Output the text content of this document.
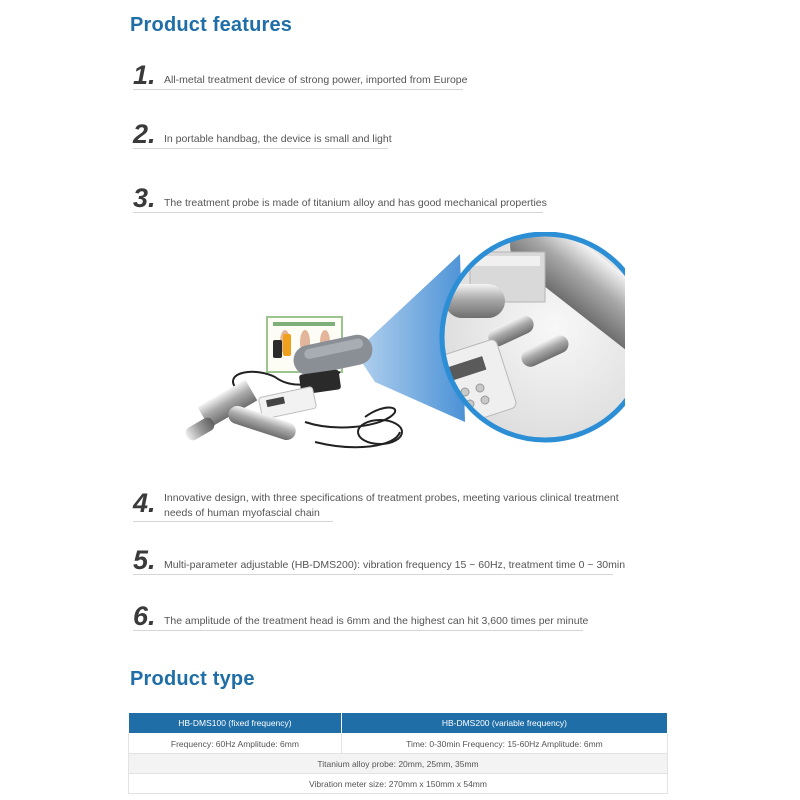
Product features
1. All-metal treatment device of strong power, imported from Europe
2. In portable handbag, the device is small and light
3. The treatment probe is made of titanium alloy and has good mechanical properties
4. Innovative design, with three specifications of treatment probes, meeting various clinical treatment needs of human myofascial chain
5. Multi-parameter adjustable (HB-DMS200): vibration frequency 15 ~ 60Hz, treatment time 0 ~ 30min
6. The amplitude of the treatment head is 6mm and the highest can hit 3,600 times per minute
Product type
HB-DMS100 (fixed frequency)	HB-DMS200 (variable frequency)
Frequency: 60Hz Amplitude: 6mm	Time: 0-30min Frequency: 15-60Hz Amplitude: 6mm
Titanium alloy probe: 20mm, 25mm, 35mm	
Vibration meter size: 270mm x 150mm x 54mm	
